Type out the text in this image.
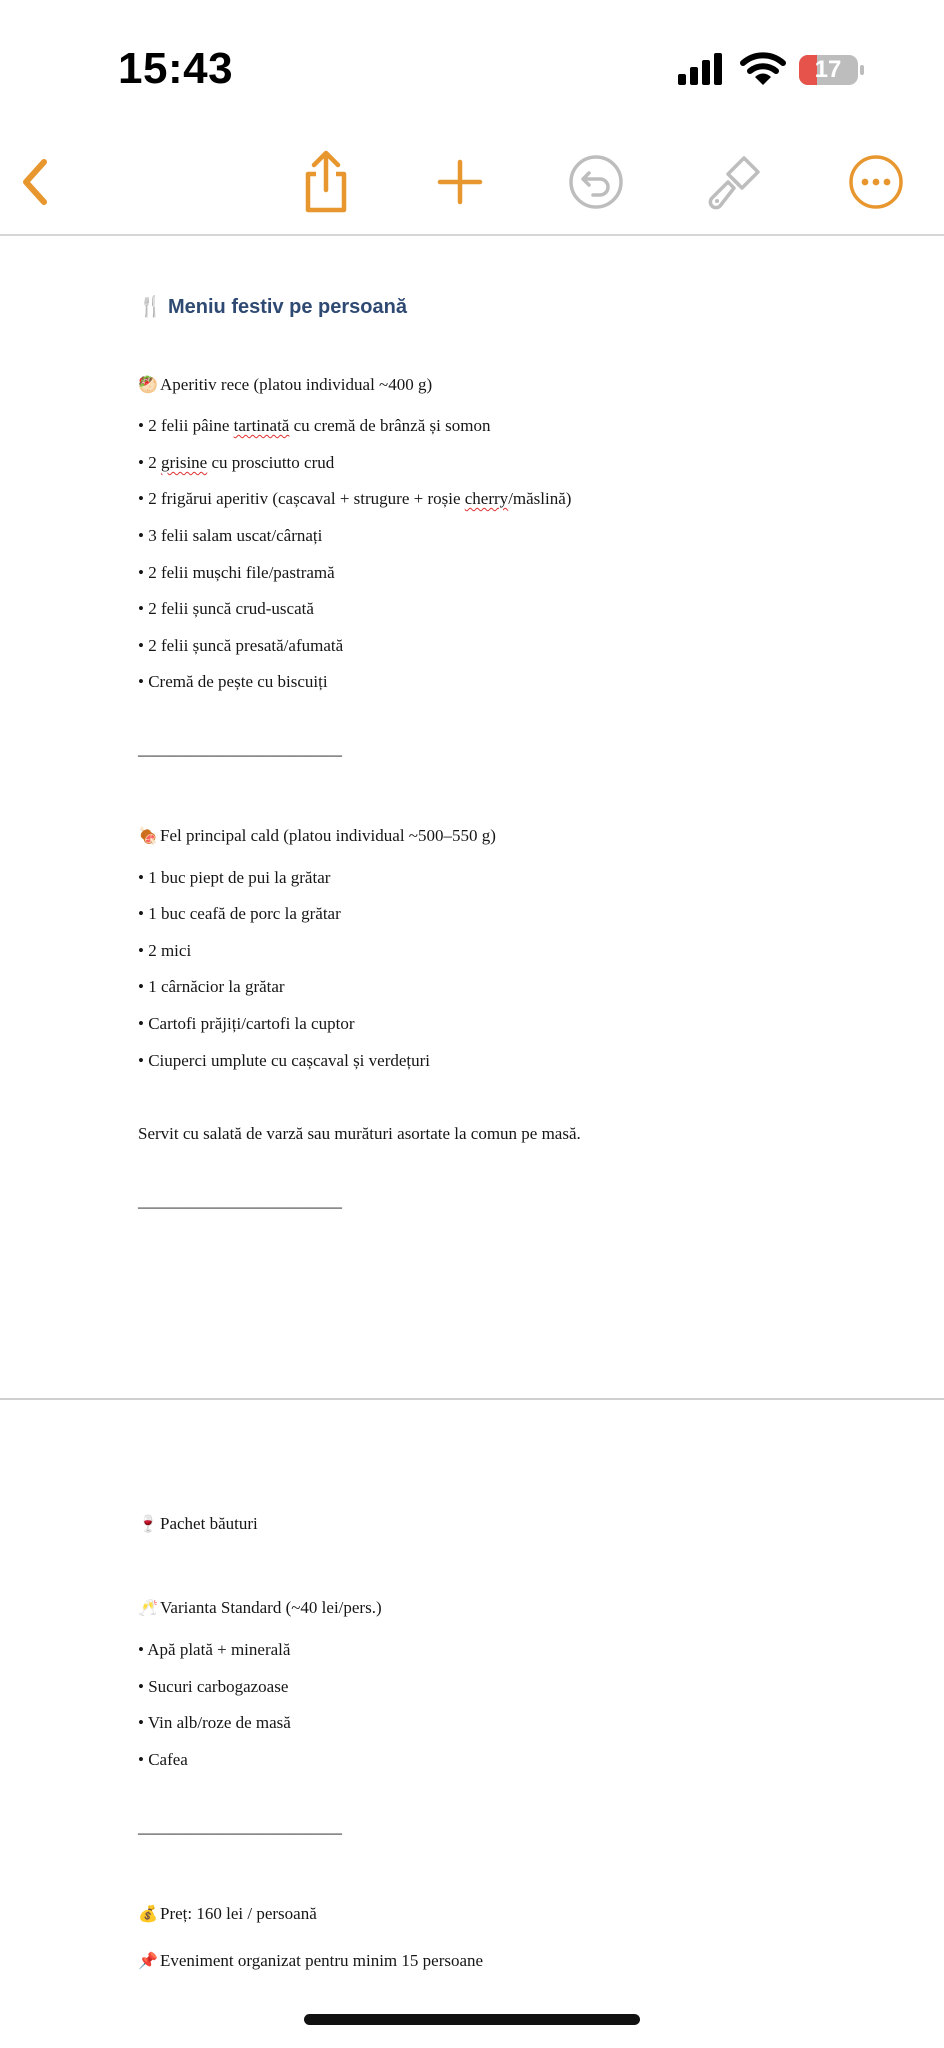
15:43	17
🍴 Meniu festiv pe persoană
🥙 Aperitiv rece (platou individual ~400 g)
• 2 felii pâine tartinată cu cremă de brânză și somon
• 2 grisine cu prosciutto crud
• 2 frigărui aperitiv (cașcaval + strugure + roșie cherry/măslină)
• 3 felii salam uscat/cârnați
• 2 felii mușchi file/pastramă
• 2 felii șuncă crud-uscată
• 2 felii șuncă presată/afumată
• Cremă de pește cu biscuiți
————————————
🍖 Fel principal cald (platou individual ~500–550 g)
• 1 buc piept de pui la grătar
• 1 buc ceafă de porc la grătar
• 2 mici
• 1 cârnăcior la grătar
• Cartofi prăjiți/cartofi la cuptor
• Ciuperci umplute cu cașcaval și verdețuri
Servit cu salată de varză sau murături asortate la comun pe masă.
————————————
🍷 Pachet băuturi
🥂 Varianta Standard (~40 lei/pers.)
• Apă plată + minerală
• Sucuri carbogazoase
• Vin alb/roze de masă
• Cafea
————————————
💰 Preț: 160 lei / persoană
📌 Eveniment organizat pentru minim 15 persoane
